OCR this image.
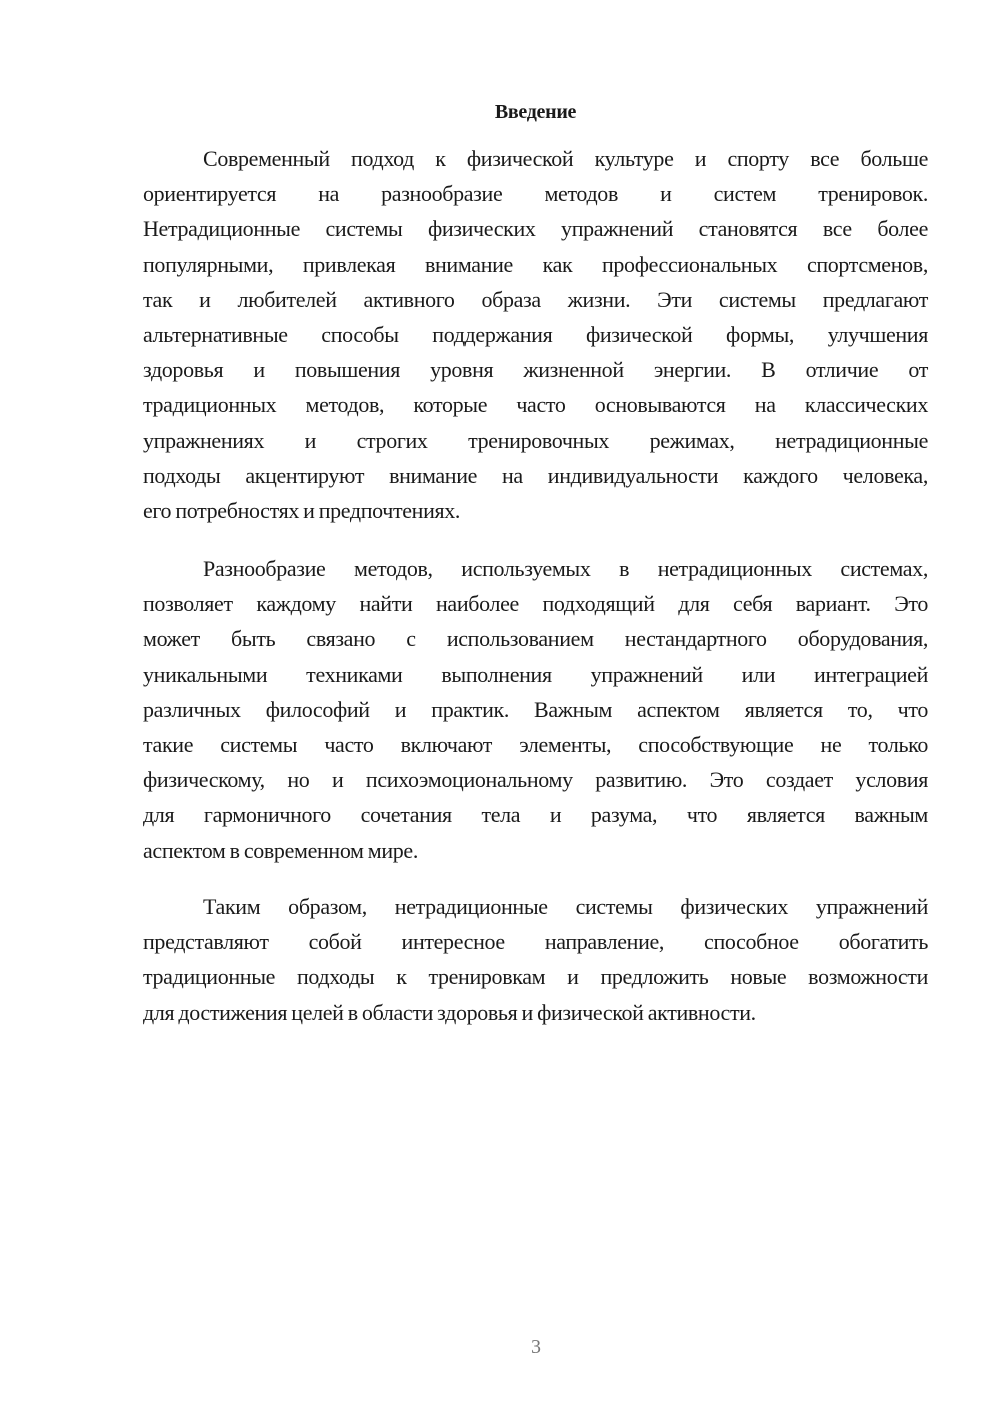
Введение
Современный подход к физической культуре и спорту все больше
ориентируется на разнообразие методов и систем тренировок.
Нетрадиционные системы физических упражнений становятся все более
популярными, привлекая внимание как профессиональных спортсменов,
так и любителей активного образа жизни. Эти системы предлагают
альтернативные способы поддержания физической формы, улучшения
здоровья и повышения уровня жизненной энергии. В отличие от
традиционных методов, которые часто основываются на классических
упражнениях и строгих тренировочных режимах, нетрадиционные
подходы акцентируют внимание на индивидуальности каждого человека,
его потребностях и предпочтениях.
Разнообразие методов, используемых в нетрадиционных системах,
позволяет каждому найти наиболее подходящий для себя вариант. Это
может быть связано с использованием нестандартного оборудования,
уникальными техниками выполнения упражнений или интеграцией
различных философий и практик. Важным аспектом является то, что
такие системы часто включают элементы, способствующие не только
физическому, но и психоэмоциональному развитию. Это создает условия
для гармоничного сочетания тела и разума, что является важным
аспектом в современном мире.
Таким образом, нетрадиционные системы физических упражнений
представляют собой интересное направление, способное обогатить
традиционные подходы к тренировкам и предложить новые возможности
для достижения целей в области здоровья и физической активности.
3
